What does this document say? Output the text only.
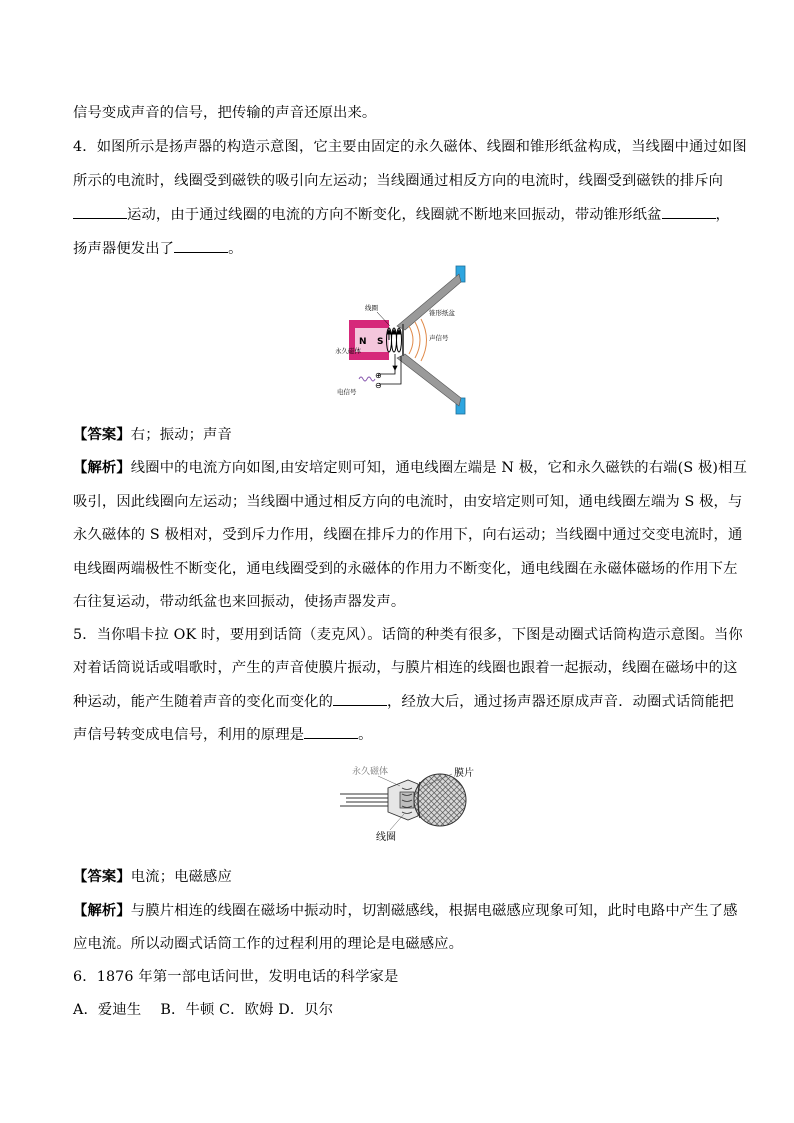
信号变成声音的信号，把传输的声音还原出来。
4．如图所示是扬声器的构造示意图，它主要由固定的永久磁体、线圈和锥形纸盆构成，当线圈中通过如图
所示的电流时，线圈受到磁铁的吸引向左运动；当线圈通过相反方向的电流时，线圈受到磁铁的排斥向
运动，由于通过线圈的电流的方向不断变化，线圈就不断地来回振动，带动锥形纸盆	，
扬声器便发出了	。
N S
⊕
⊖
线圈
锥形纸盆
声信号
永久磁体
电信号
【答案】右；振动；声音
【解析】线圈中的电流方向如图,由安培定则可知，通电线圈左端是 N 极，它和永久磁铁的右端(S 极)相互
吸引，因此线圈向左运动；当线圈中通过相反方向的电流时，由安培定则可知，通电线圈左端为 S 极，与
永久磁体的 S 极相对，受到斥力作用，线圈在排斥力的作用下，向右运动；当线圈中通过交变电流时，通
电线圈两端极性不断变化，通电线圈受到的永磁体的作用力不断变化，通电线圈在永磁体磁场的作用下左
右往复运动，带动纸盆也来回振动，使扬声器发声。
5．当你唱卡拉 OK 时，要用到话筒（麦克风）。话筒的种类有很多，下图是动圈式话筒构造示意图。当你
对着话筒说话或唱歌时，产生的声音使膜片振动，与膜片相连的线圈也跟着一起振动，线圈在磁场中的这
种运动，能产生随着声音的变化而变化的	，经放大后，通过扬声器还原成声音．动圈式话筒能把
声信号转变成电信号，利用的原理是	。
永久磁体	膜片
线圈
【答案】电流；电磁感应
【解析】与膜片相连的线圈在磁场中振动时，切割磁感线，根据电磁感应现象可知，此时电路中产生了感
应电流。所以动圈式话筒工作的过程利用的理论是电磁感应。
6．1876 年第一部电话问世，发明电话的科学家是
A．爱迪生　 B．牛顿 C．欧姆 D．贝尔
